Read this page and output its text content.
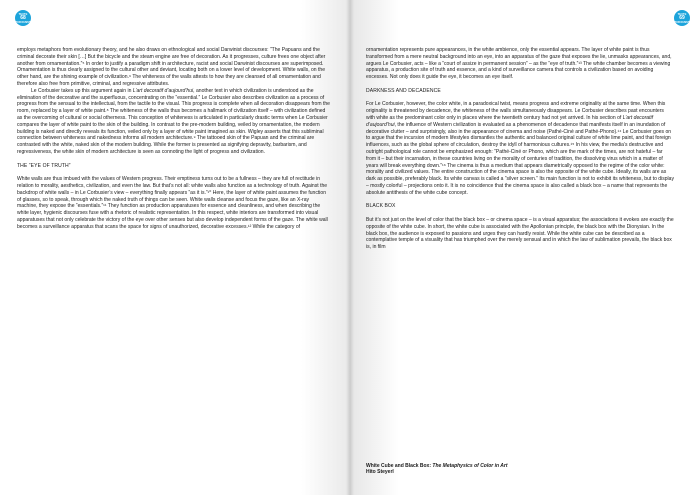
TEXTE
68
ZUR KUNST

employs metaphors from evolutionary theory, and he also draws on ethnological and social Darwinist discourses: “The Papuans and the criminal decorate their skin […] But the bicycle and the steam engine are free of decoration. As it progresses, culture frees one object after another from ornamentation.”⁵ In order to justify a paradigm shift in architecture, racist and social Darwinist discourses are superimposed. Ornamentation is thus clearly assigned to the cultural other and deviant, locating both on a lower level of development. White walls, on the other hand, are the shining example of civilization.⁶ The whiteness of the walls attests to how they are cleansed of all ornamentation and therefore also free from primitive, criminal, and regressive attributes.

Le Corbusier takes up this argument again in L’art decoratif d’aujourd’hui, another text in which civilization is understood as the elimination of the decorative and the superfluous, concentrating on the “essential.” Le Corbusier also describes civilization as a process of progress from the sensual to the intellectual, from the tactile to the visual. This progress is complete when all decoration disappears from the room, replaced by a layer of white paint.⁸ The whiteness of the walls thus becomes a hallmark of civilization itself – with civilization defined as the overcoming of cultural or social otherness. This conception of whiteness is articulated in particularly drastic terms when Le Corbusier compares the layer of white paint to the skin of the building. In contrast to the pre-modern building, veiled by ornamentation, the modern building is naked and directly reveals its function, veiled only by a layer of white paint imagined as skin. Wigley asserts that this subliminal connection between whiteness and nakedness informs all modern architecture.⁹ The tattooed skin of the Papuan and the criminal are contrasted with the white, naked skin of the modern building. While the former is presented as signifying depravity, barbarism, and regressiveness, the white skin of modern architecture is seen as connoting the light of progress and civilization.

THE “EYE OF TRUTH”

White walls are thus imbued with the values of Western progress. Their emptiness turns out to be a fullness – they are full of rectitude in relation to morality, aesthetics, civilization, and even the law. But that’s not all: white walls also function as a technology of truth. Against the backdrop of white walls – in Le Corbusier’s view – everything finally appears “as it is.”¹⁰ Here, the layer of white paint assumes the function of glasses, so to speak, through which the naked truth of things can be seen. White walls cleanse and focus the gaze, like an X-ray machine, they expose the “essentials.”¹¹ They function as production apparatuses for essence and cleanliness, and when describing the white layer, hygienic discourses fuse with a rhetoric of realistic representation. In this respect, white interiors are transformed into visual apparatuses that not only celebrate the victory of the eye over other senses but also develop independent forms of the gaze. The white wall becomes a surveillance apparatus that scans the space for signs of unauthorized, decorative excesses.¹² While the category of

TEXTE
69
ZUR KUNST

ornamentation represents pure appearances, in the white ambience, only the essential appears. The layer of white paint is thus transformed from a mere neutral background into an eye, into an apparatus of the gaze that exposes the lie, unmasks appearances, and, argues Le Corbusier, acts – like a “court of assize in permanent session” – as the “eye of truth.”¹³ The white chamber becomes a viewing apparatus, a production site of truth and essence, and a kind of surveillance camera that controls a civilization based on avoiding excesses. Not only does it guide the eye, it becomes an eye itself.

DARKNESS AND DECADENCE

For Le Corbusier, however, the color white, in a paradoxical twist, means progress and extreme originality at the same time. When this originality is threatened by decadence, the whiteness of the walls simultaneously disappears. Le Corbusier describes past encounters with white as the predominant color only in places where the twentieth century had not yet arrived. In his section of L’art decoratif d’aujourd’hui, the influence of Western civilization is evaluated as a phenomenon of decadence that manifests itself in an inundation of decorative clutter – and surprisingly, also in the appearance of cinema and noise (Pathé-Ciné and Pathé-Phono).¹⁴ Le Corbusier goes on to argue that the incursion of modern lifestyles dismantles the authentic and balanced original culture of white lime paint, and that foreign influences, such as the global sphere of circulation, destroy the idyll of harmonious cultures.¹⁵ In his view, the media’s destructive and outright pathological role cannot be emphasized enough: “Pathé-Ciné or Phono, which are the mark of the times, are not hateful – far from it – but their incarnation, in these countries living on the morality of centuries of tradition, the dissolving virus which in a matter of years will break everything down.”¹⁶ The cinema is thus a medium that appears diametrically opposed to the regime of the color white: morality and civilized values. The entire construction of the cinema space is also the opposite of the white cube. Ideally, its walls are as dark as possible, preferably black. Its white canvas is called a “silver screen.” Its main function is not to exhibit its whiteness, but to display – mostly colorful – projections onto it. It is no coincidence that the cinema space is also called a black box – a name that represents the absolute antithesis of the white cube concept.

BLACK BOX

But it’s not just on the level of color that the black box – or cinema space – is a visual apparatus; the associations it evokes are exactly the opposite of the white cube. In short, the white cube is associated with the Apollonian principle, the black box with the Dionysian. In the black box, the audience is exposed to passions and urges they can hardly resist. While the white cube can be described as a contemplative temple of a visuality that has triumphed over the merely sensual and in which the law of sublimation prevails, the black box is, in film

White Cube and Black Box: The Metaphysics of Color in Art
Hito Steyerl
